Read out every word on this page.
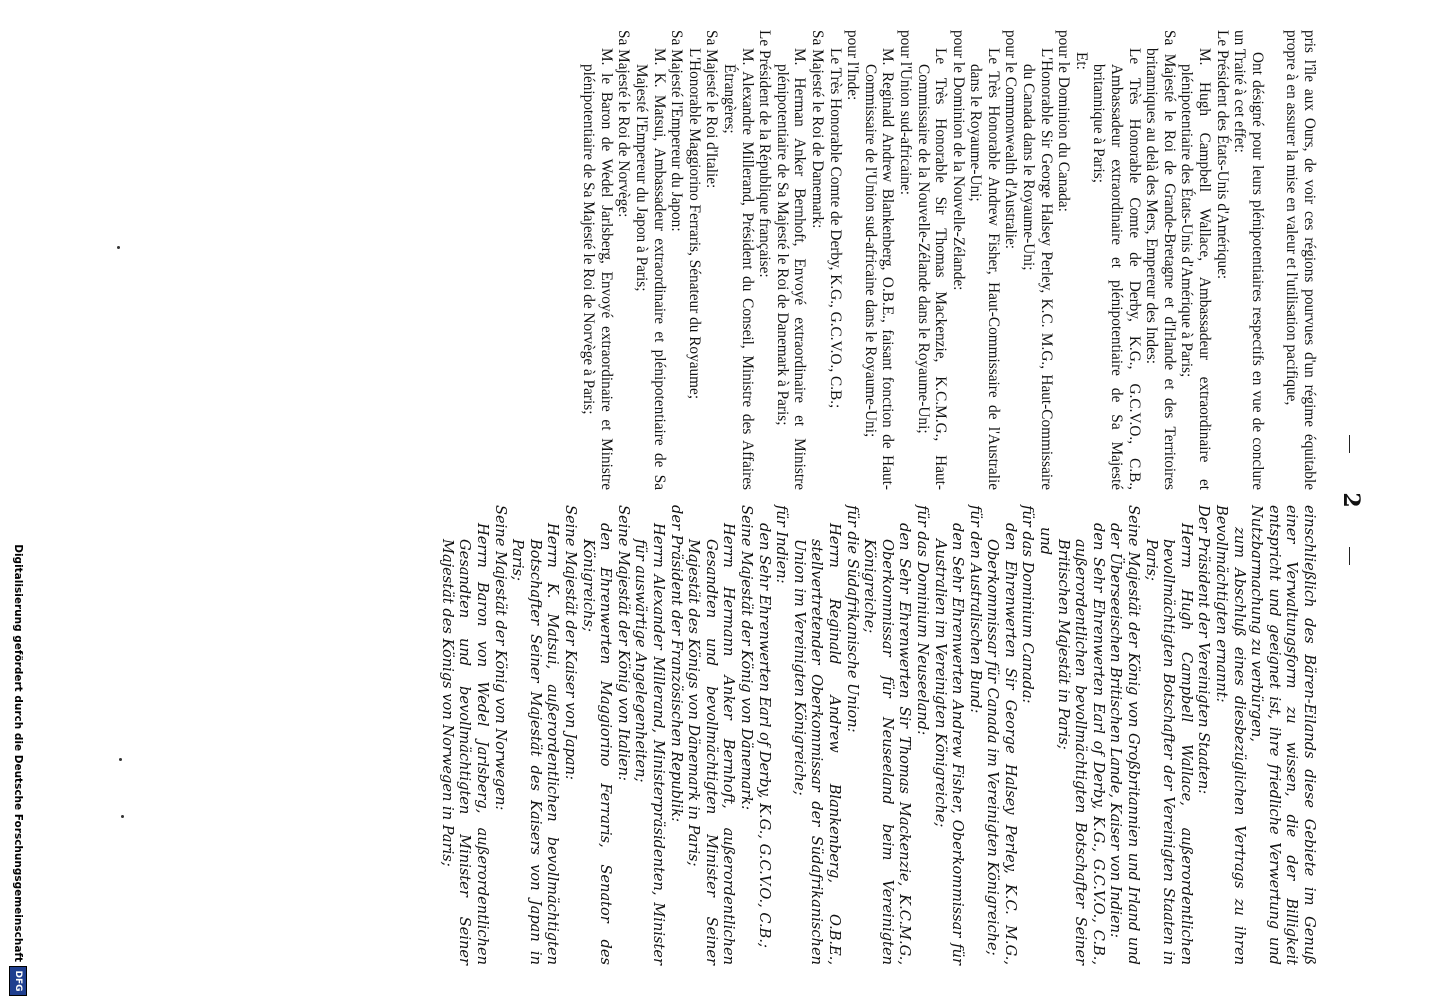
2

pris l'île aux Ours, de voir ces régions pourvues d'un régime équitable propre à en assurer la mise en valeur et l'utilisation pacifique,

Ont désigné pour leurs plénipotentiaires respectifs en vue de conclure un Traité à cet effet:

Le Président des États-Unis d'Amérique:

M. Hugh Campbell Wallace, Ambassadeur extraordinaire et plénipotentiaire des États-Unis d'Amérique à Paris;

Sa Majesté le Roi de Grande-Bretagne et d'Irlande et des Territoires britanniques au delà des Mers, Empereur des Indes:

Le Très Honorable Comte de Derby, K.G., G.C.V.O., C.B., Ambassadeur extraordinaire et plénipotentiaire de Sa Majesté britannique à Paris;

Et:

pour le Dominion du Canada:

L'Honorable Sir George Halsey Perley, K.C. M.G., Haut-Commissaire du Canada dans le Royaume-Uni;

pour le Commonwealth d'Australie:

Le Très Honorable Andrew Fisher, Haut-Commissaire de l'Australie dans le Royaume-Uni;

pour le Dominion de la Nouvelle-Zélande:

Le Très Honorable Sir Thomas Mackenzie, K.C.M.G., Haut-Commissaire de la Nouvelle-Zélande dans le Royaume-Uni;

pour l'Union sud-africaine:

M. Reginald Andrew Blankenberg, O.B.E., faisant fonction de Haut-Commissaire de l'Union sud-africaine dans le Royaume-Uni;

pour l'Inde:

Le Très Honorable Comte de Derby, K.G., G.C.V.O., C.B.;

Sa Majesté le Roi de Danemark:

M. Herman Anker Bernhoft, Envoyé extraordinaire et Ministre plénipotentiaire de Sa Majesté le Roi de Danemark à Paris;

Le Président de la République française:

M. Alexandre Millerand, Président du Conseil, Ministre des Affaires Étrangères;

Sa Majesté le Roi d'Italie:

L'Honorable Maggiorino Ferraris, Sénateur du Royaume;

Sa Majesté l'Empereur du Japon:

M. K. Matsui, Ambassadeur extraordinaire et plénipotentiaire de Sa Majesté l'Empereur du Japon à Paris;

Sa Majesté le Roi de Norvège:

M. le Baron de Wedel Jarlsberg, Envoyé extraordinaire et Ministre plénipotentiaire de Sa Majesté le Roi de Norvège à Paris;

einschließlich des Bären-Eilands diese Gebiete im Genuß einer Verwaltungsform zu wissen, die der Billigkeit entspricht und geeignet ist, ihre friedliche Verwertung und Nutzbarmachung zu verbürgen,

zum Abschluß eines diesbezüglichen Vertrags zu ihren Bevollmächtigten ernannt:

Der Präsident der Vereinigten Staaten:

Herrn Hugh Campbell Wallace, außerordentlichen bevollmächtigten Botschafter der Vereinigten Staaten in Paris;

Seine Majestät der König von Großbritannien und Irland und der Überseeischen Britischen Lande, Kaiser von Indien:

den Sehr Ehrenwerten Earl of Derby, K.G., G.C.V.O., C.B., außerordentlichen bevollmächtigten Botschafter Seiner Britischen Majestät in Paris;

und

für das Dominium Canada:

den Ehrenwerten Sir George Halsey Perley, K.C. M.G., Oberkommissar für Canada im Vereinigten Königreiche;

für den Australischen Bund:

den Sehr Ehrenwerten Andrew Fisher, Oberkommissar für Australien im Vereinigten Königreiche;

für das Dominium Neuseeland:

den Sehr Ehrenwerten Sir Thomas Mackenzie, K.C.M.G., Oberkommissar für Neuseeland beim Vereinigten Königreiche;

für die Südafrikanische Union:

Herrn Reginald Andrew Blankenberg, O.B.E., stellvertretender Oberkommissar der Südafrikanischen Union im Vereinigten Königreiche;

für Indien:

den Sehr Ehrenwerten Earl of Derby, K.G., G.C.V.O., C.B.;

Seine Majestät der König von Dänemark:

Herrn Hermann Anker Bernhoft, außerordentlichen Gesandten und bevollmächtigten Minister Seiner Majestät des Königs von Dänemark in Paris;

der Präsident der Französischen Republik:

Herrn Alexander Millerand, Ministerpräsidenten, Minister für auswärtige Angelegenheiten;

Seine Majestät der König von Italien:

den Ehrenwerten Maggiorino Ferraris, Senator des Königreichs;

Seine Majestät der Kaiser von Japan:

Herrn K. Matsui, außerordentlichen bevollmächtigten Botschafter Seiner Majestät des Kaisers von Japan in Paris;

Seine Majestät der König von Norwegen:

Herrn Baron von Wedel Jarlsberg, außerordentlichen Gesandten und bevollmächtigten Minister Seiner Majestät des Königs von Norwegen in Paris;

Digitalisierung gefördert durch die Deutsche Forschungsgemeinschaft
DFG
